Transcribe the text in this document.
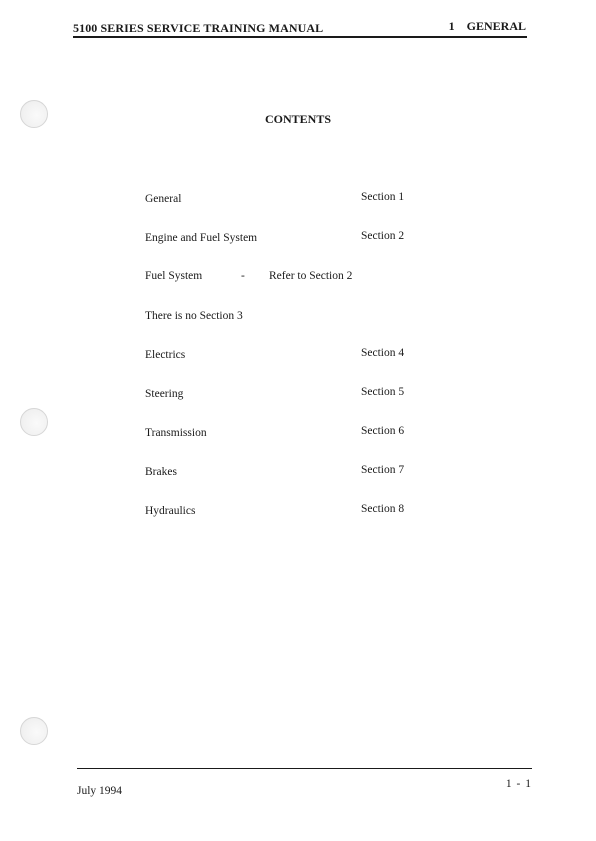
5100 SERIES SERVICE TRAINING MANUAL	1 GENERAL
CONTENTS
General	Section 1
Engine and Fuel System	Section 2
Fuel System	- Refer to Section 2
There is no Section 3
Electrics	Section 4
Steering	Section 5
Transmission	Section 6
Brakes	Section 7
Hydraulics	Section 8
July 1994
1 - 1
